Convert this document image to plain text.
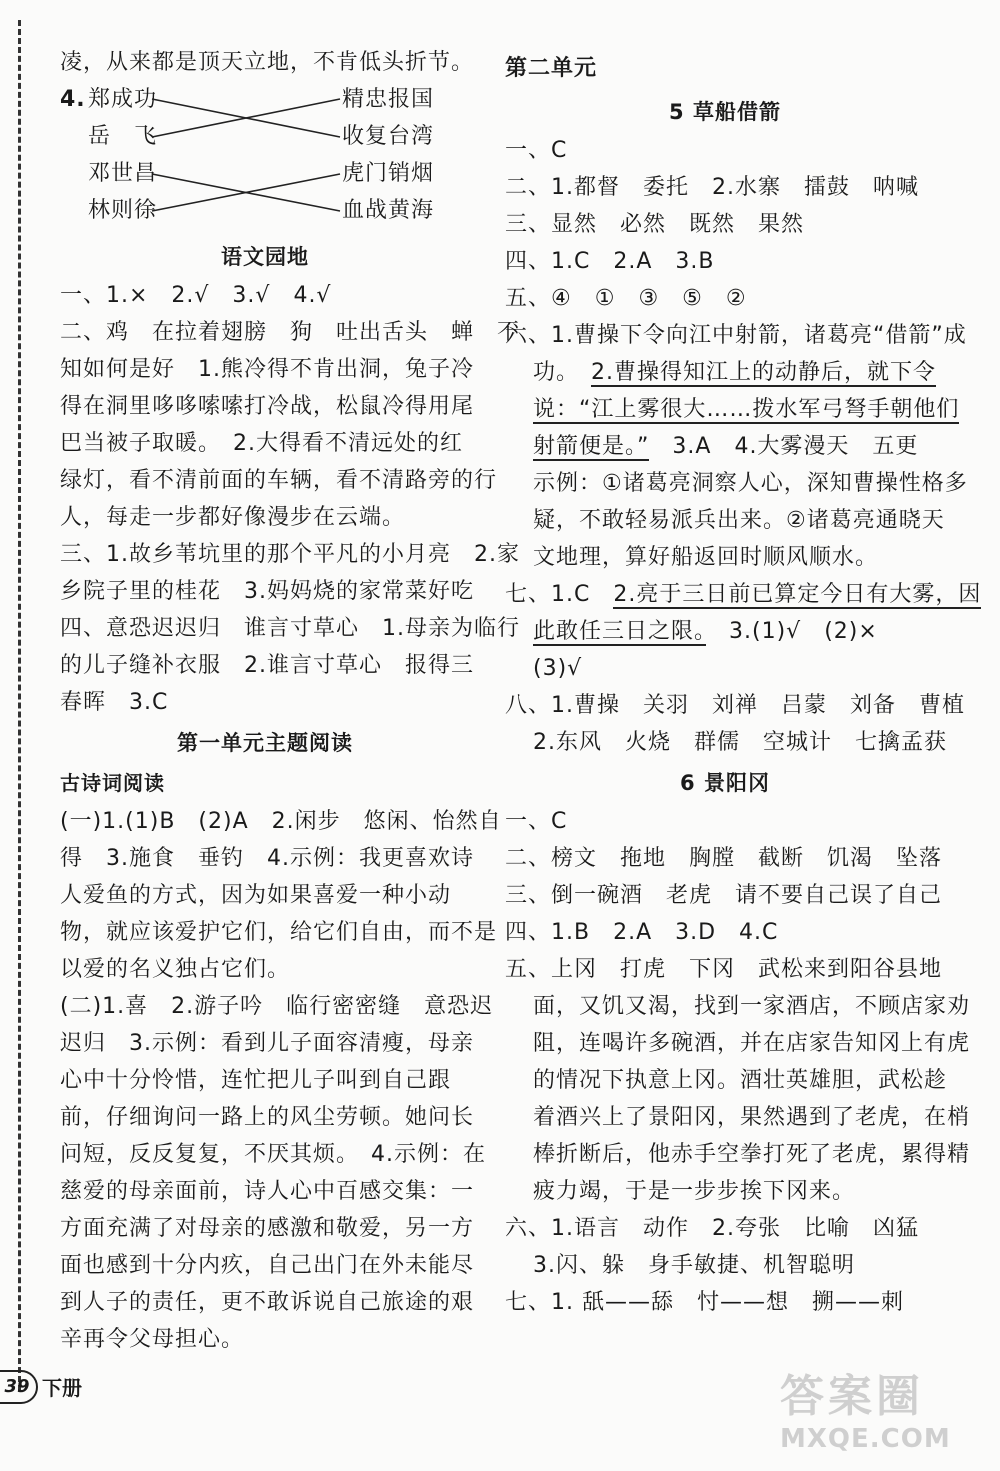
凌，从来都是顶天立地，不肯低头折节。
4. 郑成功
岳　飞
邓世昌
林则徐
精忠报国
收复台湾
虎门销烟
血战黄海
语文园地
一、1.×　2.√　3.√　4.√
二、鸡　在拉着翅膀　狗　吐出舌头　蝉　不
知如何是好　1.熊冷得不肯出洞，兔子冷
得在洞里哆哆嗦嗦打冷战，松鼠冷得用尾
巴当被子取暖。　2.大得看不清远处的红
绿灯，看不清前面的车辆，看不清路旁的行
人，每走一步都好像漫步在云端。
三、1.故乡苇坑里的那个平凡的小月亮　2.家
乡院子里的桂花　3.妈妈烧的家常菜好吃
四、意恐迟迟归　谁言寸草心　1.母亲为临行
的儿子缝补衣服　2.谁言寸草心　报得三
春晖　3.C
第一单元主题阅读
古诗词阅读
(一)1.(1)B　(2)A　2.闲步　悠闲、怡然自
得　3.施食　垂钓　4.示例：我更喜欢诗
人爱鱼的方式，因为如果喜爱一种小动
物，就应该爱护它们，给它们自由，而不是
以爱的名义独占它们。
(二)1.喜　2.游子吟　临行密密缝　意恐迟
迟归　3.示例：看到儿子面容清瘦，母亲
心中十分怜惜，连忙把儿子叫到自己跟
前，仔细询问一路上的风尘劳顿。她问长
问短，反反复复，不厌其烦。　4.示例：在
慈爱的母亲面前，诗人心中百感交集：一
方面充满了对母亲的感激和敬爱，另一方
面也感到十分内疚，自己出门在外未能尽
到人子的责任，更不敢诉说自己旅途的艰
辛再令父母担心。
第二单元
5 草船借箭
一、C
二、1.都督　委托　2.水寨　擂鼓　呐喊
三、显然　必然　既然　果然
四、1.C　2.A　3.B
五、④　①　③　⑤　②
六、1.曹操下令向江中射箭，诸葛亮“借箭”成
功。　2.曹操得知江上的动静后，就下令
说：“江上雾很大……拨水军弓弩手朝他们
射箭便是。”　3.A　4.大雾漫天　五更
示例：①诸葛亮洞察人心，深知曹操性格多
疑，不敢轻易派兵出来。②诸葛亮通晓天
文地理，算好船返回时顺风顺水。
七、1.C　2.亮于三日前已算定今日有大雾，因
此敢任三日之限。　3.(1)√　(2)×
(3)√
八、1.曹操　关羽　刘禅　吕蒙　刘备　曹植
2.东风　火烧　群儒　空城计　七擒孟获
6 景阳冈
一、C
二、榜文　拖地　胸膛　截断　饥渴　坠落
三、倒一碗酒　老虎　请不要自己误了自己
四、1.B　2.A　3.D　4.C
五、上冈　打虎　下冈　武松来到阳谷县地
面，又饥又渴，找到一家酒店，不顾店家劝
阻，连喝许多碗酒，并在店家告知冈上有虎
的情况下执意上冈。酒壮英雄胆，武松趁
着酒兴上了景阳冈，果然遇到了老虎，在梢
棒折断后，他赤手空拳打死了老虎，累得精
疲力竭，于是一步步挨下冈来。
六、1.语言　动作　2.夸张　比喻　凶猛
3.闪、躲　身手敏捷、机智聪明
七、1. 舐——舔　忖——想　搠——刺
39 下册	答案圈
MXQE.COM
